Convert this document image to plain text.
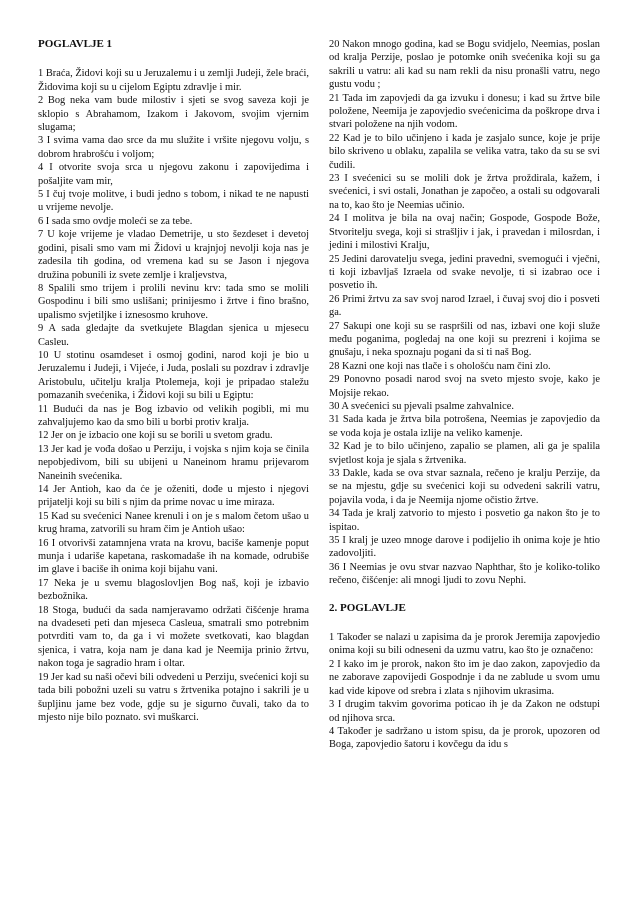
POGLAVLJE 1

1 Braća, Židovi koji su u Jeruzalemu i u zemlji Judeji, žele braći, Židovima koji su u cijelom Egiptu zdravlje i mir.

2 Bog neka vam bude milostiv i sjeti se svog saveza koji je sklopio s Abrahamom, Izakom i Jakovom, svojim vjernim slugama;

3 I svima vama dao srce da mu služite i vršite njegovu volju, s dobrom hrabrošću i voljom;

4 I otvorite svoja srca u njegovu zakonu i zapovijedima i pošaljite vam mir,

5 I čuj tvoje molitve, i budi jedno s tobom, i nikad te ne napusti u vrijeme nevolje.

6 I sada smo ovdje moleći se za tebe.

7 U koje vrijeme je vladao Demetrije, u sto šezdeset i devetoj godini, pisali smo vam mi Židovi u krajnjoj nevolji koja nas je zadesila tih godina, od vremena kad su se Jason i njegova družina pobunili iz svete zemlje i kraljevstva,

8 Spalili smo trijem i prolili nevinu krv: tada smo se molili Gospodinu i bili smo uslišani; prinijesmo i žrtve i fino brašno, upalismo svjetiljke i iznesosmo kruhove.

9 A sada gledajte da svetkujete Blagdan sjenica u mjesecu Casleu.

10 U stotinu osamdeset i osmoj godini, narod koji je bio u Jeruzalemu i Judeji, i Vijeće, i Juda, poslali su pozdrav i zdravlje Aristobulu, učitelju kralja Ptolemeja, koji je pripadao staležu pomazanih svećenika, i Židovi koji su bili u Egiptu:

11 Budući da nas je Bog izbavio od velikih pogibli, mi mu zahvaljujemo kao da smo bili u borbi protiv kralja.

12 Jer on je izbacio one koji su se borili u svetom gradu.

13 Jer kad je vođa došao u Perziju, i vojska s njim koja se činila nepobjedivom, bili su ubijeni u Naneinom hramu prijevarom Naneinih svećenika.

14 Jer Antioh, kao da će je oženiti, dođe u mjesto i njegovi prijatelji koji su bili s njim da prime novac u ime miraza.

15 Kad su svećenici Nanee krenuli i on je s malom četom ušao u krug hrama, zatvorili su hram čim je Antioh ušao:

16 I otvorivši zatamnjena vrata na krovu, baciše kamenje poput munja i udariše kapetana, raskomadaše ih na komade, odrubiše im glave i baciše ih onima koji bijahu vani.

17 Neka je u svemu blagoslovljen Bog naš, koji je izbavio bezbožnika.

18 Stoga, budući da sada namjeravamo održati čišćenje hrama na dvadeseti peti dan mjeseca Casleua, smatrali smo potrebnim potvrditi vam to, da ga i vi možete svetkovati, kao blagdan sjenica, i vatra, koja nam je dana kad je Neemija prinio žrtvu, nakon toga je sagradio hram i oltar.

19 Jer kad su naši očevi bili odvedeni u Perziju, svećenici koji su tada bili pobožni uzeli su vatru s žrtvenika potajno i sakrili je u šupljinu jame bez vode, gdje su je sigurno čuvali, tako da to mjesto nije bilo poznato. svi muškarci.

20 Nakon mnogo godina, kad se Bogu svidjelo, Neemias, poslan od kralja Perzije, poslao je potomke onih svećenika koji su ga sakrili u vatru: ali kad su nam rekli da nisu pronašli vatru, nego gustu vodu ;

21 Tada im zapovjedi da ga izvuku i donesu; i kad su žrtve bile položene, Neemija je zapovjedio svećenicima da poškrope drva i stvari položene na njih vodom.

22 Kad je to bilo učinjeno i kada je zasjalo sunce, koje je prije bilo skriveno u oblaku, zapalila se velika vatra, tako da su se svi čudili.

23 I svećenici su se molili dok je žrtva proždirala, kažem, i svećenici, i svi ostali, Jonathan je započeo, a ostali su odgovarali na to, kao što je Neemias učinio.

24 I molitva je bila na ovaj način; Gospode, Gospode Bože, Stvoritelju svega, koji si strašljiv i jak, i pravedan i milosrdan, i jedini i milostivi Kralju,

25 Jedini darovatelju svega, jedini pravedni, svemogući i vječni, ti koji izbavljaš Izraela od svake nevolje, ti si izabrao oce i posvetio ih.

26 Primi žrtvu za sav svoj narod Izrael, i čuvaj svoj dio i posveti ga.

27 Sakupi one koji su se raspršili od nas, izbavi one koji služe među poganima, pogledaj na one koji su prezreni i kojima se gnušaju, i neka spoznaju pogani da si ti naš Bog.

28 Kazni one koji nas tlače i s ohološću nam čini zlo.

29 Ponovno posadi narod svoj na sveto mjesto svoje, kako je Mojsije rekao.

30 A svećenici su pjevali psalme zahvalnice.

31 Sada kada je žrtva bila potrošena, Neemias je zapovjedio da se voda koja je ostala izlije na veliko kamenje.

32 Kad je to bilo učinjeno, zapalio se plamen, ali ga je spalila svjetlost koja je sjala s žrtvenika.

33 Dakle, kada se ova stvar saznala, rečeno je kralju Perzije, da se na mjestu, gdje su svećenici koji su odvedeni sakrili vatru, pojavila voda, i da je Neemija njome očistio žrtve.

34 Tada je kralj zatvorio to mjesto i posvetio ga nakon što je to ispitao.

35 I kralj je uzeo mnoge darove i podijelio ih onima koje je htio zadovoljiti.

36 I Neemias je ovu stvar nazvao Naphthar, što je koliko-toliko rečeno, čišćenje: ali mnogi ljudi to zovu Nephi.

2. POGLAVLJE

1 Također se nalazi u zapisima da je prorok Jeremija zapovjedio onima koji su bili odneseni da uzmu vatru, kao što je označeno:

2 I kako im je prorok, nakon što im je dao zakon, zapovjedio da ne zaborave zapovijedi Gospodnje i da ne zablude u svom umu kad vide kipove od srebra i zlata s njihovim ukrasima.

3 I drugim takvim govorima poticao ih je da Zakon ne odstupi od njihova srca.

4 Također je sadržano u istom spisu, da je prorok, upozoren od Boga, zapovjedio šatoru i kovčegu da idu s
